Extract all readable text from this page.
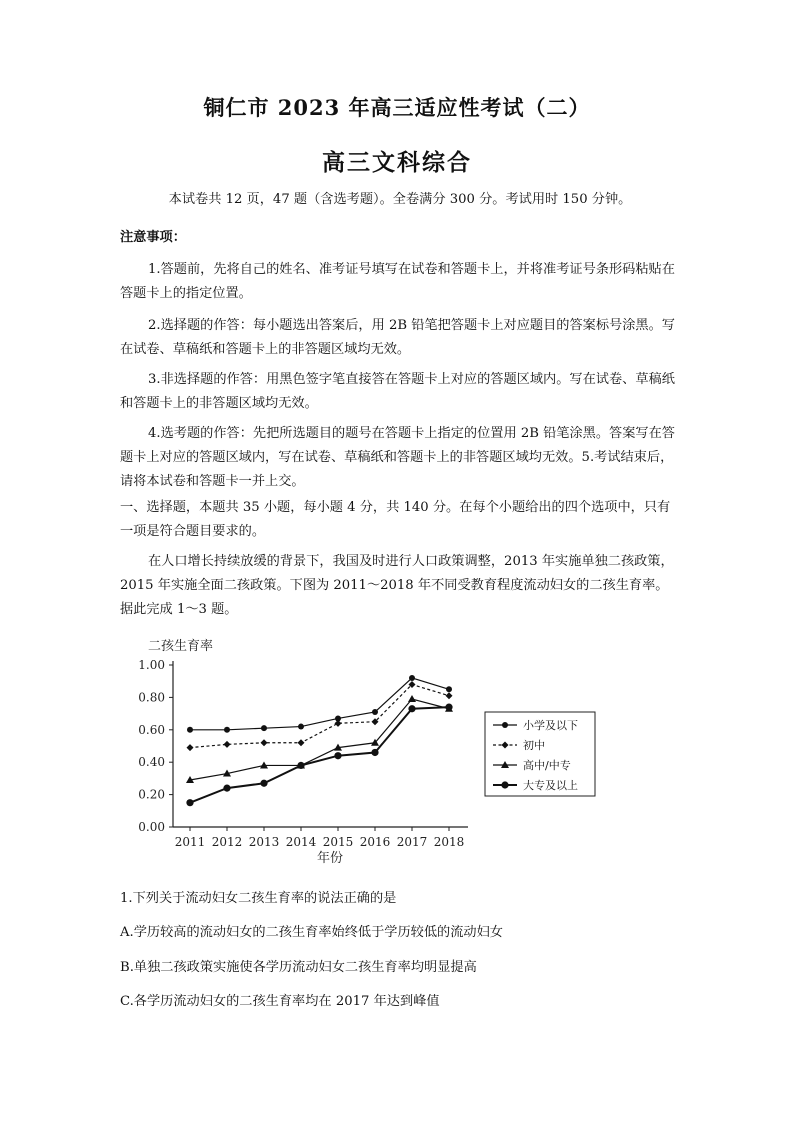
铜仁市 2023 年高三适应性考试（二）
高三文科综合
本试卷共 12 页，47 题（含选考题）。全卷满分 300 分。考试用时 150 分钟。
注意事项：
1.答题前，先将自己的姓名、准考证号填写在试卷和答题卡上，并将准考证号条形码粘贴在答题卡上的指定位置。
2.选择题的作答：每小题选出答案后，用 2B 铅笔把答题卡上对应题目的答案标号涂黑。写在试卷、草稿纸和答题卡上的非答题区域均无效。
3.非选择题的作答：用黑色签字笔直接答在答题卡上对应的答题区域内。写在试卷、草稿纸和答题卡上的非答题区域均无效。
4.选考题的作答：先把所选题目的题号在答题卡上指定的位置用 2B 铅笔涂黑。答案写在答题卡上对应的答题区域内，写在试卷、草稿纸和答题卡上的非答题区域均无效。5.考试结束后，请将本试卷和答题卡一并上交。
一、选择题，本题共 35 小题，每小题 4 分，共 140 分。在每个小题给出的四个选项中，只有一项是符合题目要求的。
在人口增长持续放缓的背景下，我国及时进行人口政策调整，2013 年实施单独二孩政策，2015 年实施全面二孩政策。下图为 2011～2018 年不同受教育程度流动妇女的二孩生育率。据此完成 1～3 题。
二孩生育率
0.00
0.20
0.40
0.60
0.80
1.00
2011 2012 2013 2014 2015 2016 2017 2018
小学及以下
初中
高中/中专
大专及以上
年份
1.下列关于流动妇女二孩生育率的说法正确的是
A.学历较高的流动妇女的二孩生育率始终低于学历较低的流动妇女
B.单独二孩政策实施使各学历流动妇女二孩生育率均明显提高
C.各学历流动妇女的二孩生育率均在 2017 年达到峰值
